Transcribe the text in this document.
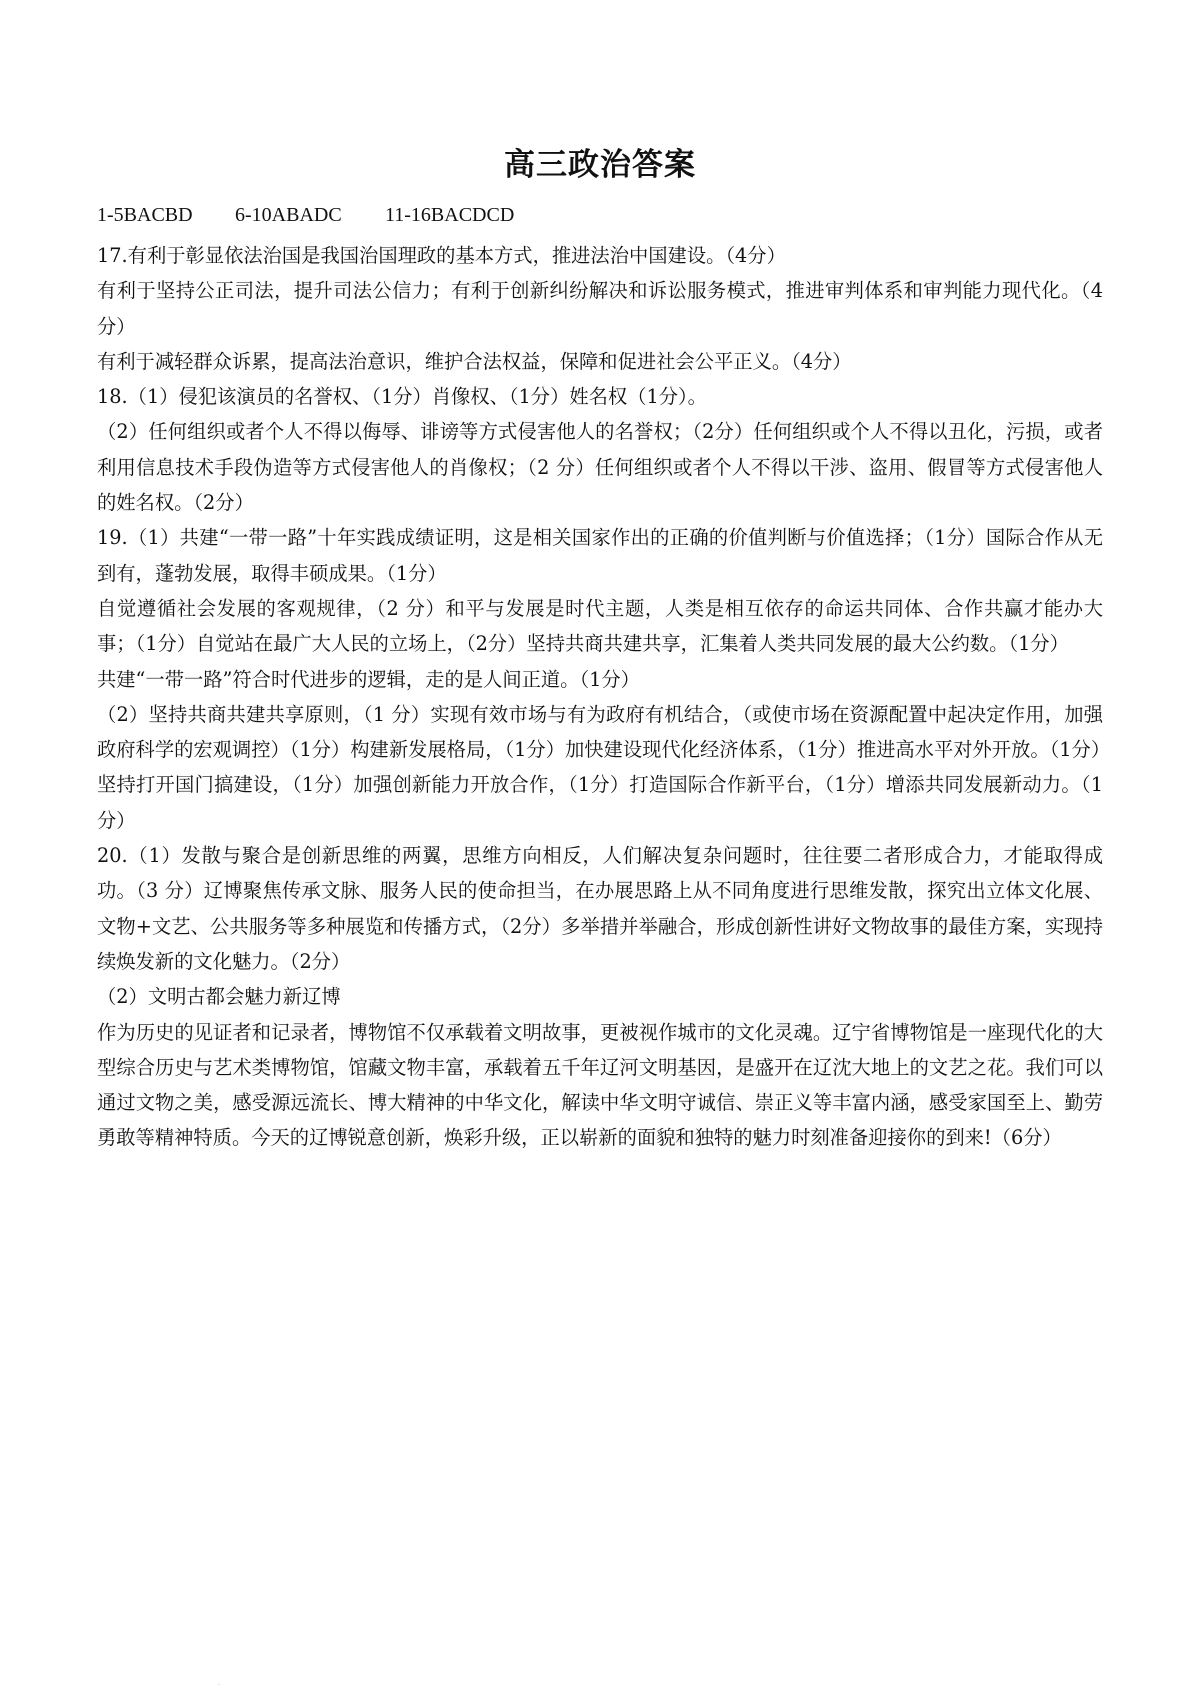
高三政治答案
1-5BACBD 6-10ABADC 11-16BACDCD

17.有利于彰显依法治国是我国治国理政的基本方式，推进法治中国建设。（4分）

有利于坚持公正司法，提升司法公信力；有利于创新纠纷解决和诉讼服务模式，推进审判体系和审判能力现代化。（4分）

有利于减轻群众诉累，提高法治意识，维护合法权益，保障和促进社会公平正义。（4分）

18.（1）侵犯该演员的名誉权、（1分）肖像权、（1分）姓名权（1分）。

（2）任何组织或者个人不得以侮辱、诽谤等方式侵害他人的名誉权；（2分）任何组织或个人不得以丑化，污损，或者利用信息技术手段伪造等方式侵害他人的肖像权；（2 分）任何组织或者个人不得以干涉、盗用、假冒等方式侵害他人的姓名权。（2分）

19.（1）共建“一带一路”十年实践成绩证明，这是相关国家作出的正确的价值判断与价值选择；（1分）国际合作从无到有，蓬勃发展，取得丰硕成果。（1分）

自觉遵循社会发展的客观规律，（2 分）和平与发展是时代主题，人类是相互依存的命运共同体、合作共赢才能办大事；（1分）自觉站在最广大人民的立场上，（2分）坚持共商共建共享，汇集着人类共同发展的最大公约数。（1分）

共建“一带一路”符合时代进步的逻辑，走的是人间正道。（1分）

（2）坚持共商共建共享原则，（1 分）实现有效市场与有为政府有机结合，（或使市场在资源配置中起决定作用，加强政府科学的宏观调控）（1分）构建新发展格局，（1分）加快建设现代化经济体系，（1分）推进高水平对外开放。（1分）

坚持打开国门搞建设，（1分）加强创新能力开放合作，（1分）打造国际合作新平台，（1分）增添共同发展新动力。（1分）

20.（1）发散与聚合是创新思维的两翼，思维方向相反，人们解决复杂问题时，往往要二者形成合力，才能取得成功。（3 分）辽博聚焦传承文脉、服务人民的使命担当，在办展思路上从不同角度进行思维发散，探究出立体文化展、文物+文艺、公共服务等多种展览和传播方式，（2分）多举措并举融合，形成创新性讲好文物故事的最佳方案，实现持续焕发新的文化魅力。（2分）

（2）文明古都会魅力新辽博

作为历史的见证者和记录者，博物馆不仅承载着文明故事，更被视作城市的文化灵魂。辽宁省博物馆是一座现代化的大型综合历史与艺术类博物馆，馆藏文物丰富，承载着五千年辽河文明基因，是盛开在辽沈大地上的文艺之花。我们可以通过文物之美，感受源远流长、博大精神的中华文化，解读中华文明守诚信、崇正义等丰富内涵，感受家国至上、勤劳勇敢等精神特质。今天的辽博锐意创新，焕彩升级，正以崭新的面貌和独特的魅力时刻准备迎接你的到来!（6分）

·
